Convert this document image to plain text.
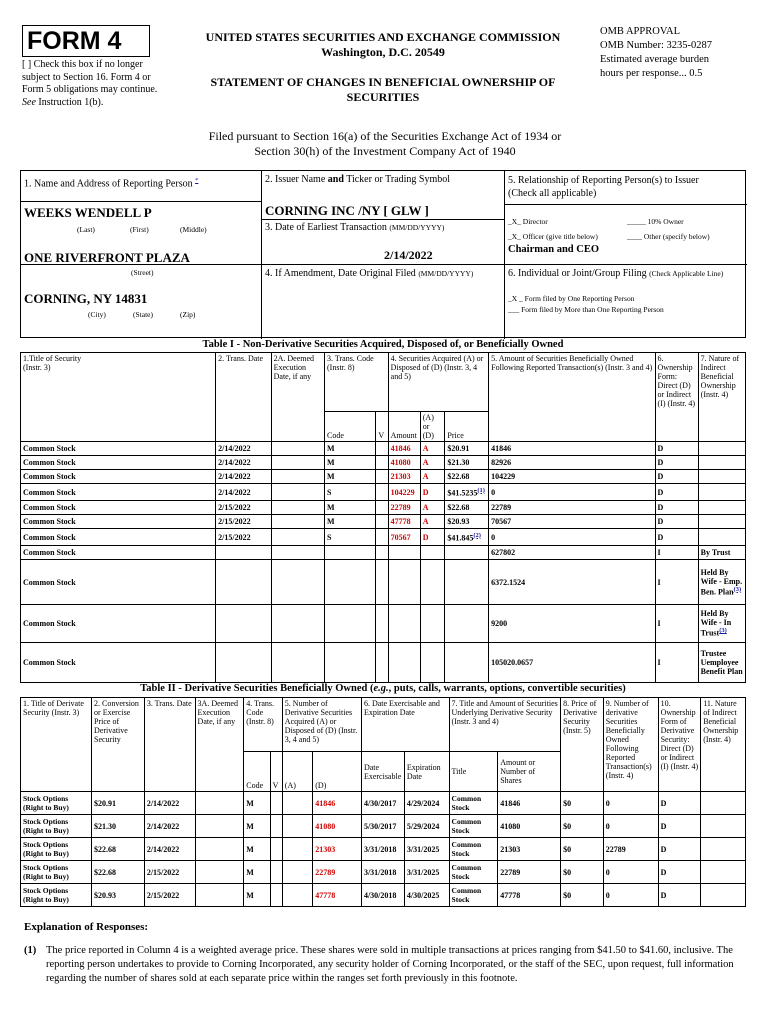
FORM 4
[ ] Check this box if no longer subject to Section 16. Form 4 or Form 5 obligations may continue. See Instruction 1(b).
UNITED STATES SECURITIES AND EXCHANGE COMMISSION
Washington, D.C. 20549
STATEMENT OF CHANGES IN BENEFICIAL OWNERSHIP OF
SECURITIES
OMB APPROVAL
OMB Number: 3235-0287
Estimated average burden
hours per response... 0.5
Filed pursuant to Section 16(a) of the Securities Exchange Act of 1934 or
Section 30(h) of the Investment Company Act of 1940
1. Name and Address of Reporting Person *
WEEKS WENDELL P
(Last)	(First)	(Middle)
ONE RIVERFRONT PLAZA
(Street)
CORNING, NY 14831
(City)	(State)	(Zip)
2. Issuer Name and Ticker or Trading Symbol
CORNING INC /NY [ GLW ]
3. Date of Earliest Transaction (MM/DD/YYYY)
2/14/2022
4. If Amendment, Date Original Filed (MM/DD/YYYY)
5. Relationship of Reporting Person(s) to Issuer
(Check all applicable)
_X_ Director	_____ 10% Owner
_X_ Officer (give title below)	____ Other (specify below)
Chairman and CEO
6. Individual or Joint/Group Filing (Check Applicable Line)
_X _ Form filed by One Reporting Person
___ Form filed by More than One Reporting Person
Table I - Non-Derivative Securities Acquired, Disposed of, or Beneficially Owned
1.Title of Security
(Instr. 3)	2. Trans. Date	2A. Deemed Execution Date, if any	3. Trans. Code (Instr. 8)		4. Securities Acquired (A) or Disposed of (D) (Instr. 3, 4 and 5)			5. Amount of Securities Beneficially Owned Following Reported Transaction(s) (Instr. 3 and 4)	6. Ownership Form: Direct (D) or Indirect (I) (Instr. 4)	7. Nature of Indirect Beneficial Ownership (Instr. 4)
			Code	V	Amount	(A) or (D)	Price			
Common Stock	2/14/2022		M		41846	A	$20.91	41846	D	
Common Stock	2/14/2022		M		41080	A	$21.30	82926	D	
Common Stock	2/14/2022		M		21303	A	$22.68	104229	D	
Common Stock	2/14/2022		S		104229	D	$41.5235$^{(1)}$	0	D	
Common Stock	2/15/2022		M		22789	A	$22.68	22789	D	
Common Stock	2/15/2022		M		47778	A	$20.93	70567	D	
Common Stock	2/15/2022		S		70567	D	$41.845$^{(2)}$	0	D	
Common Stock								627802	I	By Trust
Common Stock								6372.1524	I	Held By Wife - Emp. Ben. Plan$^{(3)}$
Common Stock								9200	I	Held By Wife - In Trust$^{(3)}$
Common Stock								105020.0657	I	Trustee Uemployee Benefit Plan
Table II - Derivative Securities Beneficially Owned (e.g., puts, calls, warrants, options, convertible securities)
1. Title of Derivate Security (Instr. 3)	2. Conversion or Exercise Price of Derivative Security	3. Trans. Date	3A. Deemed Execution Date, if any	4. Trans. Code (Instr. 8)		5. Number of Derivative Securities Acquired (A) or Disposed of (D) (Instr. 3, 4 and 5)		6. Date Exercisable and Expiration Date		7. Title and Amount of Securities Underlying Derivative Security (Instr. 3 and 4)		8. Price of Derivative Security (Instr. 5)	9. Number of derivative Securities Beneficially Owned Following Reported Transaction(s) (Instr. 4)	10. Ownership Form of Derivative Security: Direct (D) or Indirect (I) (Instr. 4)	11. Nature of Indirect Beneficial Ownership (Instr. 4)
				Code	V	(A)	(D)	Date Exercisable	Expiration Date	Title	Amount or Number of Shares				
Stock Options (Right to Buy)	$20.91	2/14/2022		M			41846	4/30/2017	4/29/2024	Common Stock	41846	$0	0	D	
Stock Options (Right to Buy)	$21.30	2/14/2022		M			41080	5/30/2017	5/29/2024	Common Stock	41080	$0	0	D	
Stock Options (Right to Buy)	$22.68	2/14/2022		M			21303	3/31/2018	3/31/2025	Common Stock	21303	$0	22789	D	
Stock Options (Right to Buy)	$22.68	2/15/2022		M			22789	3/31/2018	3/31/2025	Common Stock	22789	$0	0	D	
Stock Options (Right to Buy)	$20.93	2/15/2022		M			47778	4/30/2018	4/30/2025	Common Stock	47778	$0	0	D	
Explanation of Responses:
(1) The price reported in Column 4 is a weighted average price. These shares were sold in multiple transactions at prices ranging from $41.50 to $41.60, inclusive. The reporting person undertakes to provide to Corning Incorporated, any security holder of Corning Incorporated, or the staff of the SEC, upon request, full information regarding the number of shares sold at each separate price within the ranges set forth previously in this footnote.
